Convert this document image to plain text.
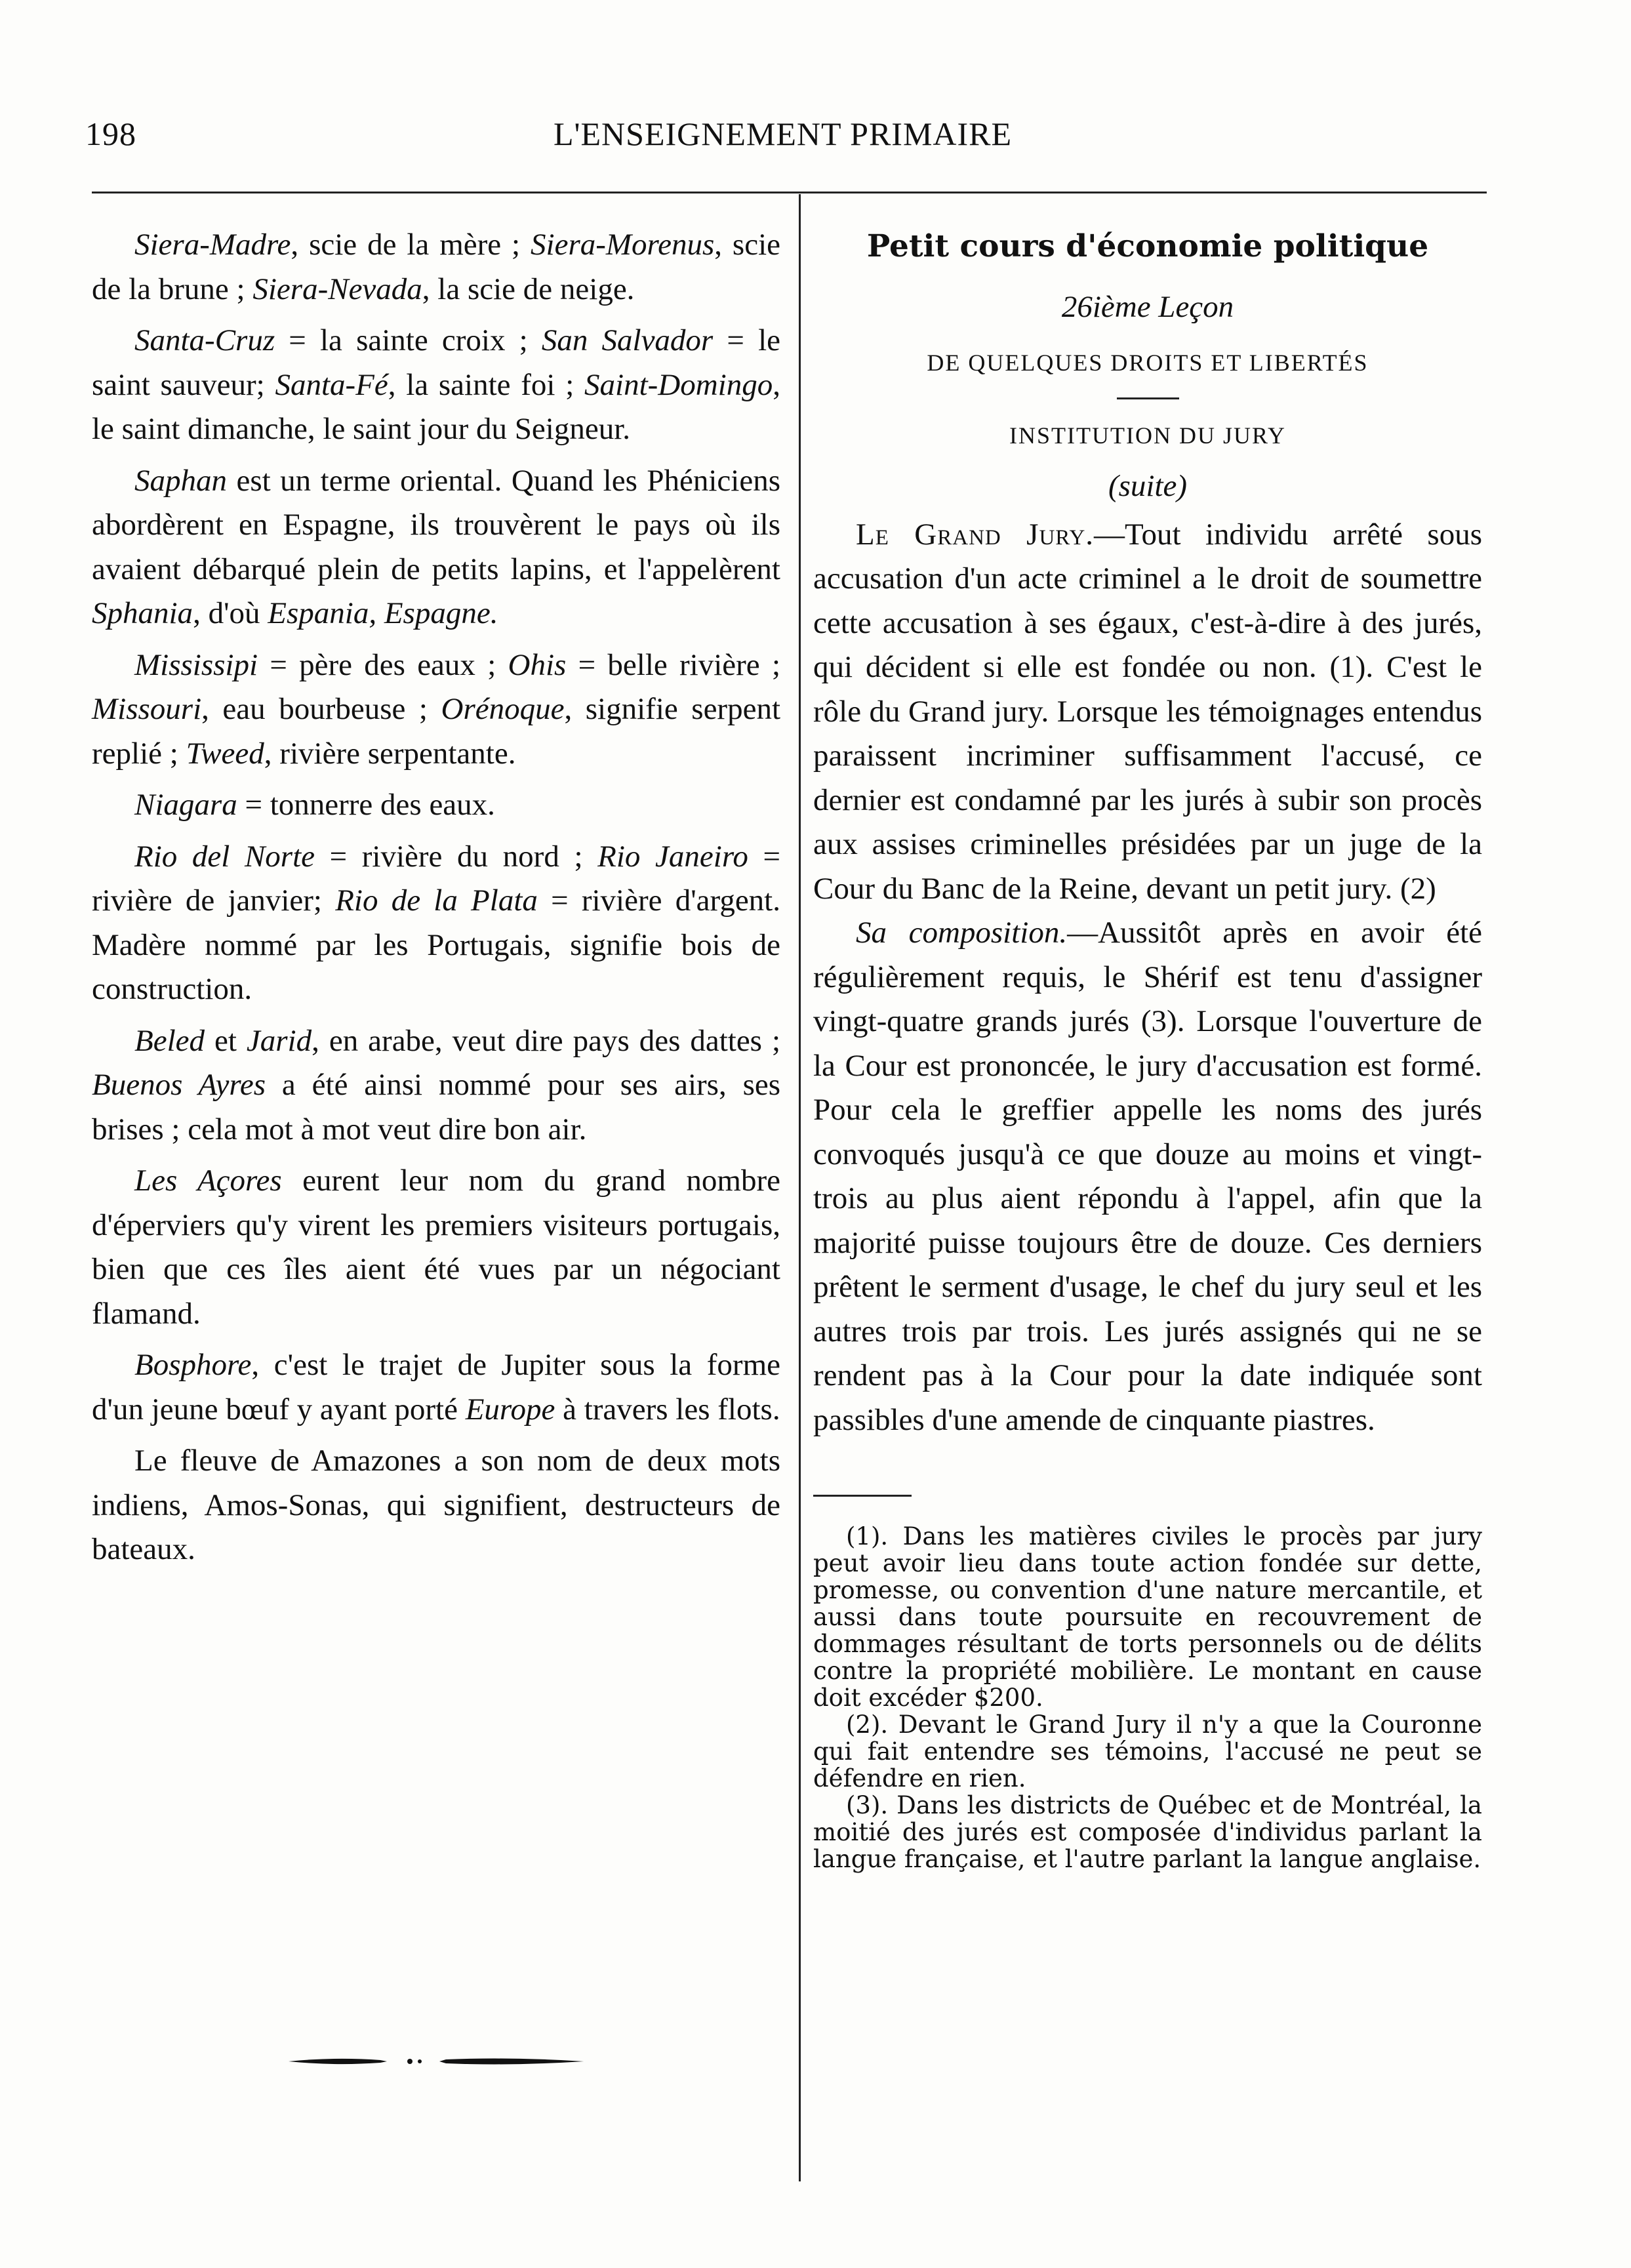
198	L'ENSEIGNEMENT PRIMAIRE

Siera-Madre, scie de la mère ; Siera-Morenus, scie de la brune ; Siera-Nevada, la scie de neige.

Santa-Cruz = la sainte croix ; San Salvador = le saint sauveur; Santa-Fé, la sainte foi ; Saint-Domingo, le saint dimanche, le saint jour du Seigneur.

Saphan est un terme oriental. Quand les Phéniciens abordèrent en Espagne, ils trouvèrent le pays où ils avaient débarqué plein de petits lapins, et l'appelèrent Sphania, d'où Espania, Espagne.

Mississipi = père des eaux ; Ohis = belle rivière ; Missouri, eau bourbeuse ; Orénoque, signifie serpent replié ; Tweed, rivière serpentante.

Niagara = tonnerre des eaux.

Rio del Norte = rivière du nord ; Rio Janeiro = rivière de janvier; Rio de la Plata = rivière d'argent. Madère nommé par les Portugais, signifie bois de construction.

Beled et Jarid, en arabe, veut dire pays des dattes ; Buenos Ayres a été ainsi nommé pour ses airs, ses brises ; cela mot à mot veut dire bon air.

Les Açores eurent leur nom du grand nombre d'éperviers qu'y virent les premiers visiteurs portugais, bien que ces îles aient été vues par un négociant flamand.

Bosphore, c'est le trajet de Jupiter sous la forme d'un jeune bœuf y ayant porté Europe à travers les flots.

Le fleuve de Amazones a son nom de deux mots indiens, Amos-Sonas, qui signifient, destructeurs de bateaux.

Petit cours d'économie politique
26ième Leçon
DE QUELQUES DROITS ET LIBERTÉS
INSTITUTION DU JURY
(suite)

Le Grand Jury.—Tout individu arrêté sous accusation d'un acte criminel a le droit de soumettre cette accusation à ses égaux, c'est-à-dire à des jurés, qui décident si elle est fondée ou non. (1). C'est le rôle du Grand jury. Lorsque les témoignages entendus paraissent incriminer suffisamment l'accusé, ce dernier est condamné par les jurés à subir son procès aux assises criminelles présidées par un juge de la Cour du Banc de la Reine, devant un petit jury. (2)

Sa composition.—Aussitôt après en avoir été régulièrement requis, le Shérif est tenu d'assigner vingt-quatre grands jurés (3). Lorsque l'ouverture de la Cour est prononcée, le jury d'accusation est formé. Pour cela le greffier appelle les noms des jurés convoqués jusqu'à ce que douze au moins et vingt-trois au plus aient répondu à l'appel, afin que la majorité puisse toujours être de douze. Ces derniers prêtent le serment d'usage, le chef du jury seul et les autres trois par trois. Les jurés assignés qui ne se rendent pas à la Cour pour la date indiquée sont passibles d'une amende de cinquante piastres.

(1). Dans les matières civiles le procès par jury peut avoir lieu dans toute action fondée sur dette, promesse, ou convention d'une nature mercantile, et aussi dans toute poursuite en recouvrement de dommages résultant de torts personnels ou de délits contre la propriété mobilière. Le montant en cause doit excéder $200.

(2). Devant le Grand Jury il n'y a que la Couronne qui fait entendre ses témoins, l'accusé ne peut se défendre en rien.

(3). Dans les districts de Québec et de Montréal, la moitié des jurés est composée d'individus parlant la langue française, et l'autre parlant la langue anglaise.
